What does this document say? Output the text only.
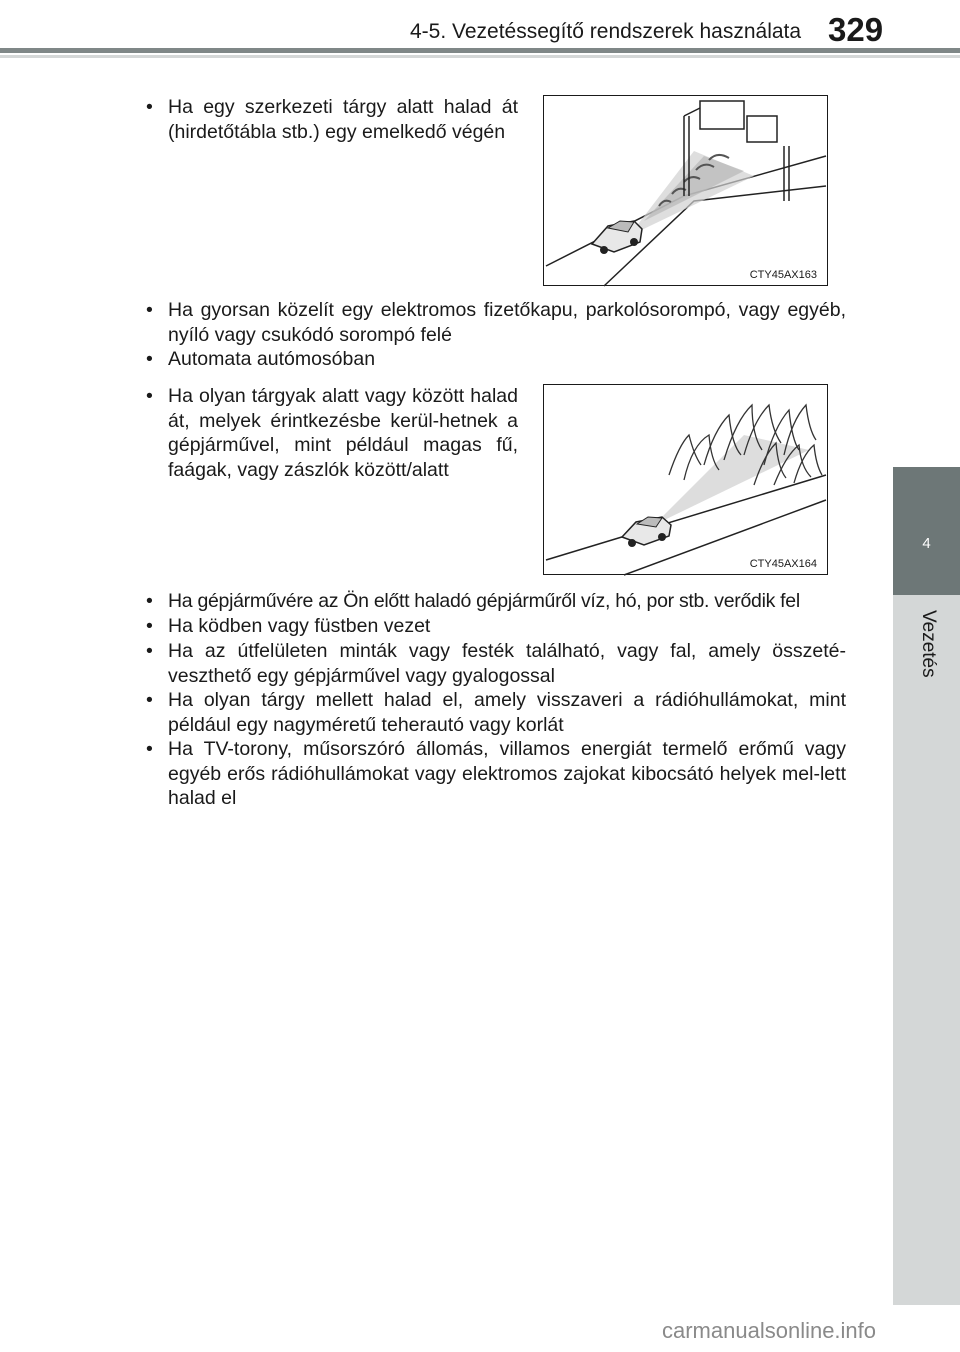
4-5. Vezetéssegítő rendszerek használata 329
4
Vezetés
• Ha egy szerkezeti tárgy alatt halad át (hirdetőtábla stb.) egy emelkedő végén
CTY45AX163
• Ha gyorsan közelít egy elektromos fizetőkapu, parkolósorompó, vagy egyéb, nyíló vagy csukódó sorompó felé
• Automata autómosóban
• Ha olyan tárgyak alatt vagy között halad át, melyek érintkezésbe kerül-hetnek a gépjárművel, mint például magas fű, faágak, vagy zászlók között/alatt
CTY45AX164
• Ha gépjárművére az Ön előtt haladó gépjárműről víz, hó, por stb. verődik fel
• Ha ködben vagy füstben vezet
• Ha az útfelületen minták vagy festék található, vagy fal, amely összeté-veszthető egy gépjárművel vagy gyalogossal
• Ha olyan tárgy mellett halad el, amely visszaveri a rádióhullámokat, mint például egy nagyméretű teherautó vagy korlát
• Ha TV-torony, műsorszóró állomás, villamos energiát termelő erőmű vagy egyéb erős rádióhullámokat vagy elektromos zajokat kibocsátó helyek mel-lett halad el
carmanualsonline.info
